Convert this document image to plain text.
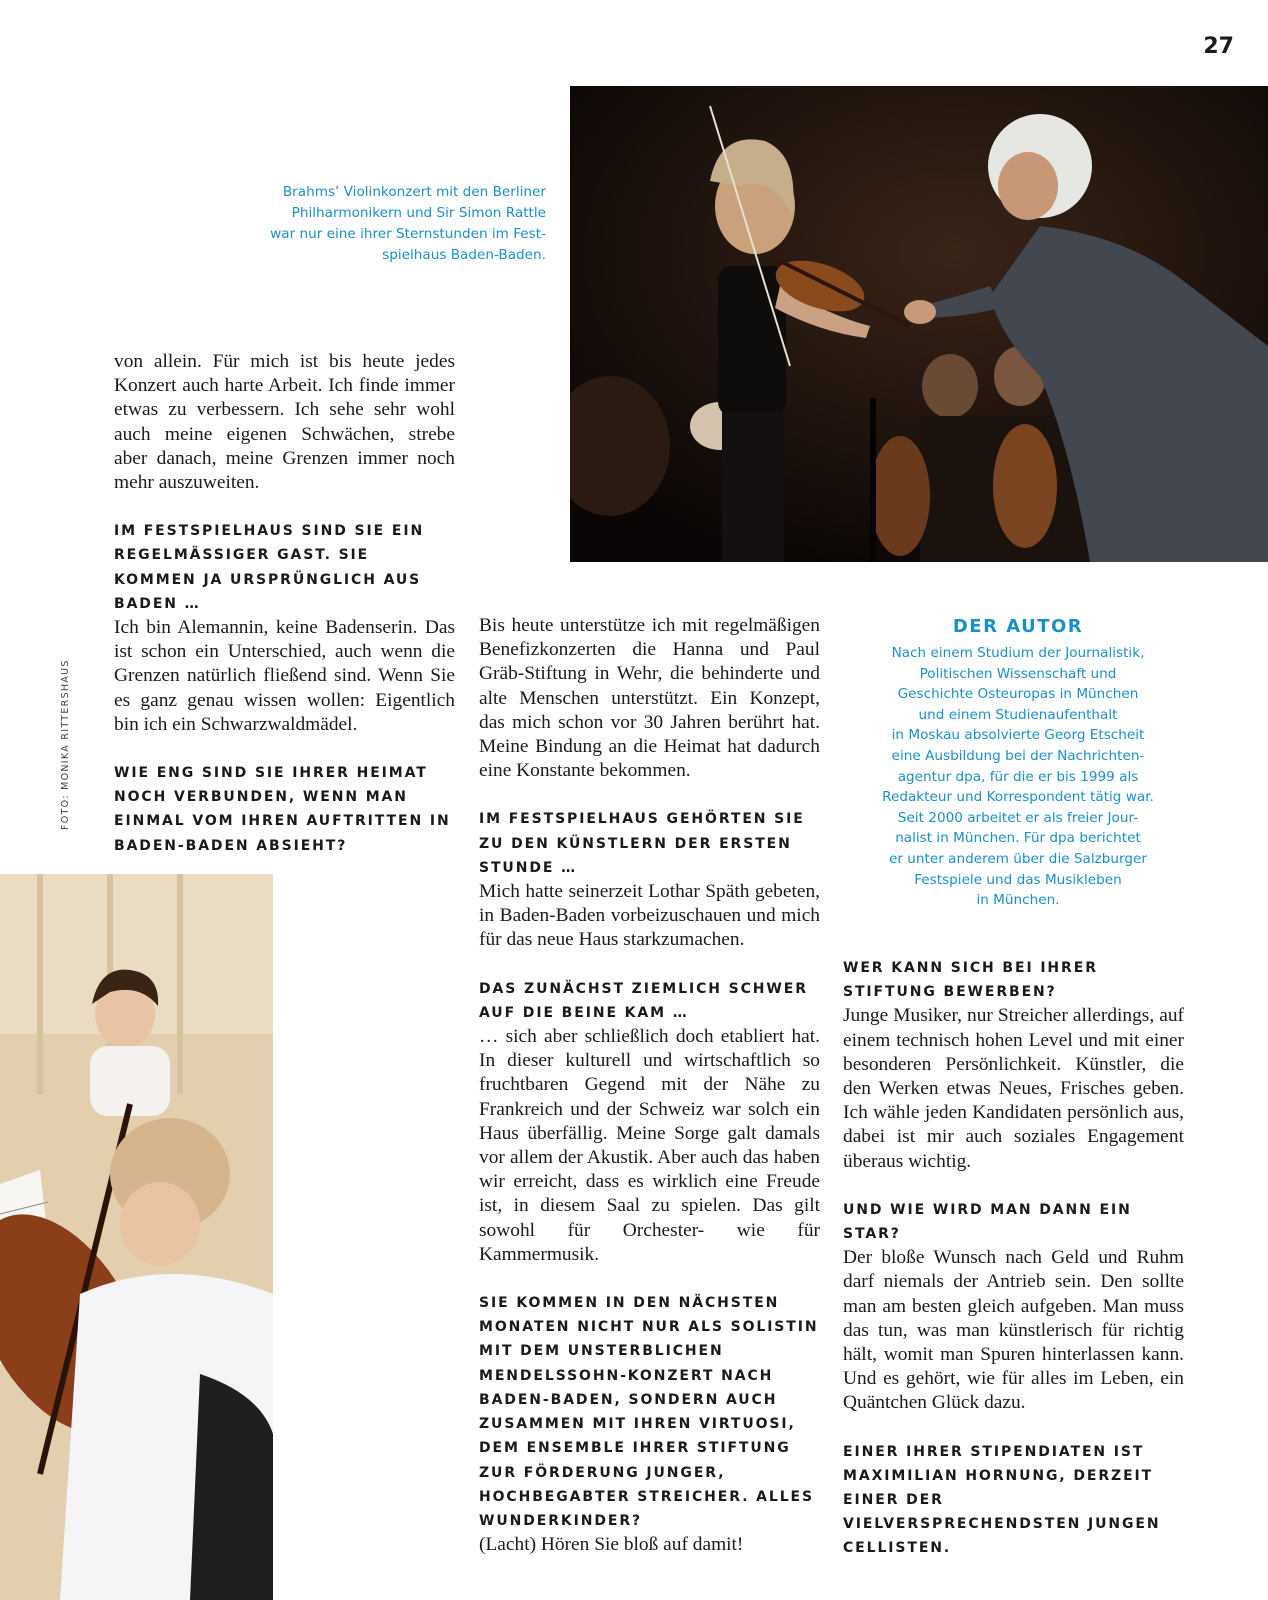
27
Brahms’ Violinkonzert mit den Berliner
Philharmonikern und Sir Simon Rattle
war nur eine ihrer Sternstunden im Fest-
spielhaus Baden-Baden.
FOTO: MONIKA RITTERSHAUS

von allein. Für mich ist bis heute jedes Konzert auch harte Arbeit. Ich finde immer etwas zu verbessern. Ich sehe sehr wohl auch meine eigenen Schwächen, strebe aber danach, meine Grenzen immer noch mehr auszuweiten.

IM FESTSPIELHAUS SIND SIE EIN REGELMÄSSIGER GAST. SIE KOMMEN JA URSPRÜNGLICH AUS BADEN …

Ich bin Alemannin, keine Badenserin. Das ist schon ein Unterschied, auch wenn die Grenzen natürlich fließend sind. Wenn Sie es ganz genau wissen wollen: Eigentlich bin ich ein Schwarzwaldmädel.

WIE ENG SIND SIE IHRER HEIMAT NOCH VERBUNDEN, WENN MAN EINMAL VOM IHREN AUFTRITTEN IN BADEN-BADEN ABSIEHT?

Bis heute unterstütze ich mit regelmäßigen Benefizkonzerten die Hanna und Paul Gräb-Stiftung in Wehr, die behinderte und alte Menschen unterstützt. Ein Konzept, das mich schon vor 30 Jahren berührt hat. Meine Bindung an die Heimat hat dadurch eine Konstante bekommen.

IM FESTSPIELHAUS GEHÖRTEN SIE ZU DEN KÜNSTLERN DER ERSTEN STUNDE …

Mich hatte seinerzeit Lothar Späth gebeten, in Baden-Baden vorbeizuschauen und mich für das neue Haus starkzumachen.

DAS ZUNÄCHST ZIEMLICH SCHWER AUF DIE BEINE KAM …

… sich aber schließlich doch etabliert hat. In dieser kulturell und wirtschaftlich so fruchtbaren Gegend mit der Nähe zu Frankreich und der Schweiz war solch ein Haus überfällig. Meine Sorge galt damals vor allem der Akustik. Aber auch das haben wir erreicht, dass es wirklich eine Freude ist, in diesem Saal zu spielen. Das gilt sowohl für Orchester- wie für Kammermusik.

SIE KOMMEN IN DEN NÄCHSTEN MONATEN NICHT NUR ALS SOLISTIN MIT DEM UNSTERBLICHEN MENDELSSOHN-KONZERT NACH BADEN-BADEN, SONDERN AUCH ZUSAMMEN MIT IHREN VIRTUOSI, DEM ENSEMBLE IHRER STIFTUNG ZUR FÖRDERUNG JUNGER, HOCHBEGABTER STREICHER. ALLES WUNDERKINDER?

(Lacht) Hören Sie bloß auf damit!

DER AUTOR

Nach einem Studium der Journalistik,

Politischen Wissenschaft und

Geschichte Osteuropas in München

und einem Studienaufenthalt

in Moskau absolvierte Georg Etscheit

eine Ausbildung bei der Nachrichten-

agentur dpa, für die er bis 1999 als

Redakteur und Korrespondent tätig war.

Seit 2000 arbeitet er als freier Jour-

nalist in München. Für dpa berichtet

er unter anderem über die Salzburger

Festspiele und das Musikleben

in München.

WER KANN SICH BEI IHRER STIFTUNG BEWERBEN?

Junge Musiker, nur Streicher allerdings, auf einem technisch hohen Level und mit einer besonderen Persönlichkeit. Künstler, die den Werken etwas Neues, Frisches geben. Ich wähle jeden Kandidaten persönlich aus, dabei ist mir auch soziales Engagement überaus wichtig.

UND WIE WIRD MAN DANN EIN STAR?

Der bloße Wunsch nach Geld und Ruhm darf niemals der Antrieb sein. Den sollte man am besten gleich aufgeben. Man muss das tun, was man künstlerisch für richtig hält, womit man Spuren hinterlassen kann. Und es gehört, wie für alles im Leben, ein Quäntchen Glück dazu.

EINER IHRER STIPENDIATEN IST MAXIMILIAN HORNUNG, DERZEIT EINER DER VIELVERSPRECHENDSTEN JUNGEN CELLISTEN.
